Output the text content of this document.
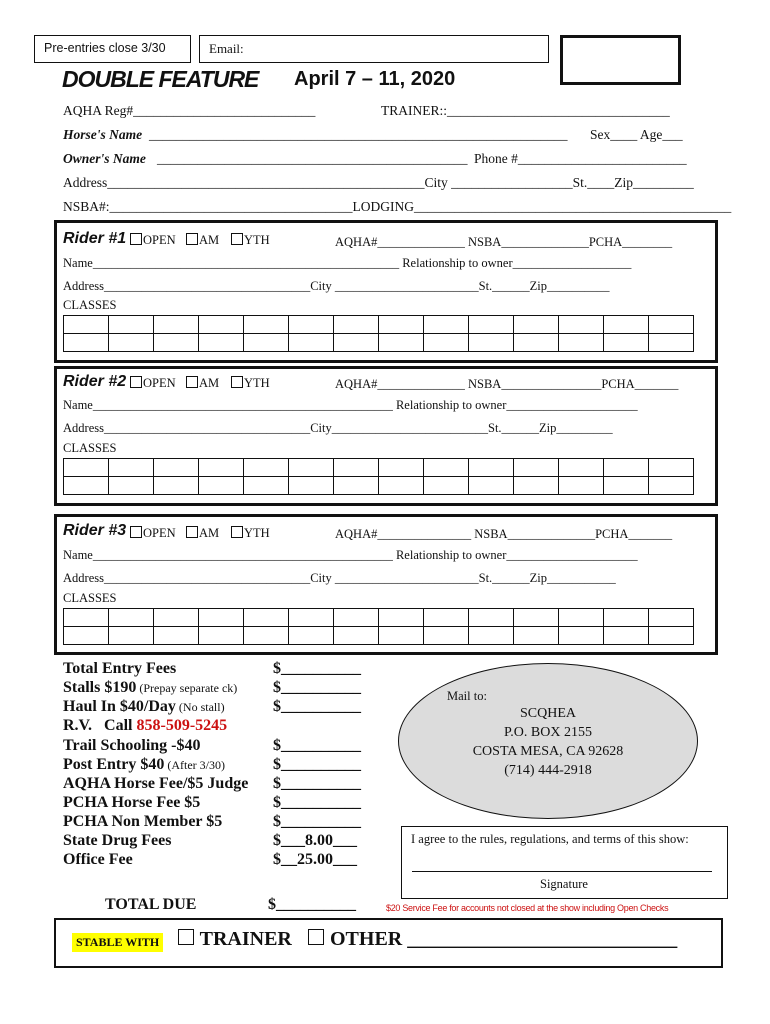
Pre-entries close 3/30	Email:
DOUBLE FEATURE April 7 – 11, 2020
AQHA Reg#___________________________	TRAINER::_________________________________
Horse's Name ______________________________________________________________ Sex____ Age___
Owner's Name ______________________________________________ Phone #_________________________
Address_______________________________________________City __________________St.____Zip_________
NSBA#:____________________________________LODGING_______________________________________________
Rider #1	OPEN	AM	YTH	AQHA#______________ NSBA______________PCHA________
Name_________________________________________________ Relationship to owner___________________
Address_________________________________City _______________________St.______Zip__________
CLASSES

Rider #2	OPEN	AM	YTH	AQHA#______________ NSBA________________PCHA_______
Name________________________________________________ Relationship to owner_____________________
Address_________________________________City_________________________St.______Zip_________
CLASSES

Rider #3	OPEN	AM	YTH	AQHA#_______________ NSBA______________PCHA_______
Name________________________________________________ Relationship to owner_____________________
Address_________________________________City _______________________St.______Zip___________
CLASSES

Total Entry Fees	$__________
Stalls $190 (Prepay separate ck) $__________
Haul In $40/Day (No stall)	$__________
R.V.   Call 858-509-5245
Trail Schooling -$40	$__________
Post Entry $40 (After 3/30)	$__________
AQHA Horse Fee/$5 Judge $__________
PCHA Horse Fee $5	$__________
PCHA Non Member $5	$__________
State Drug Fees	$___8.00___
Office Fee	$__25.00___
TOTAL DUE	$__________
Mail to:
SCQHEA
P.O. BOX 2155
COSTA MESA, CA 92628
(714) 444-2918
I agree to the rules, regulations, and terms of this show:
Signature
$20 Service Fee for accounts not closed at the show including Open Checks
STABLE WITH	TRAINER	OTHER ___________________________
